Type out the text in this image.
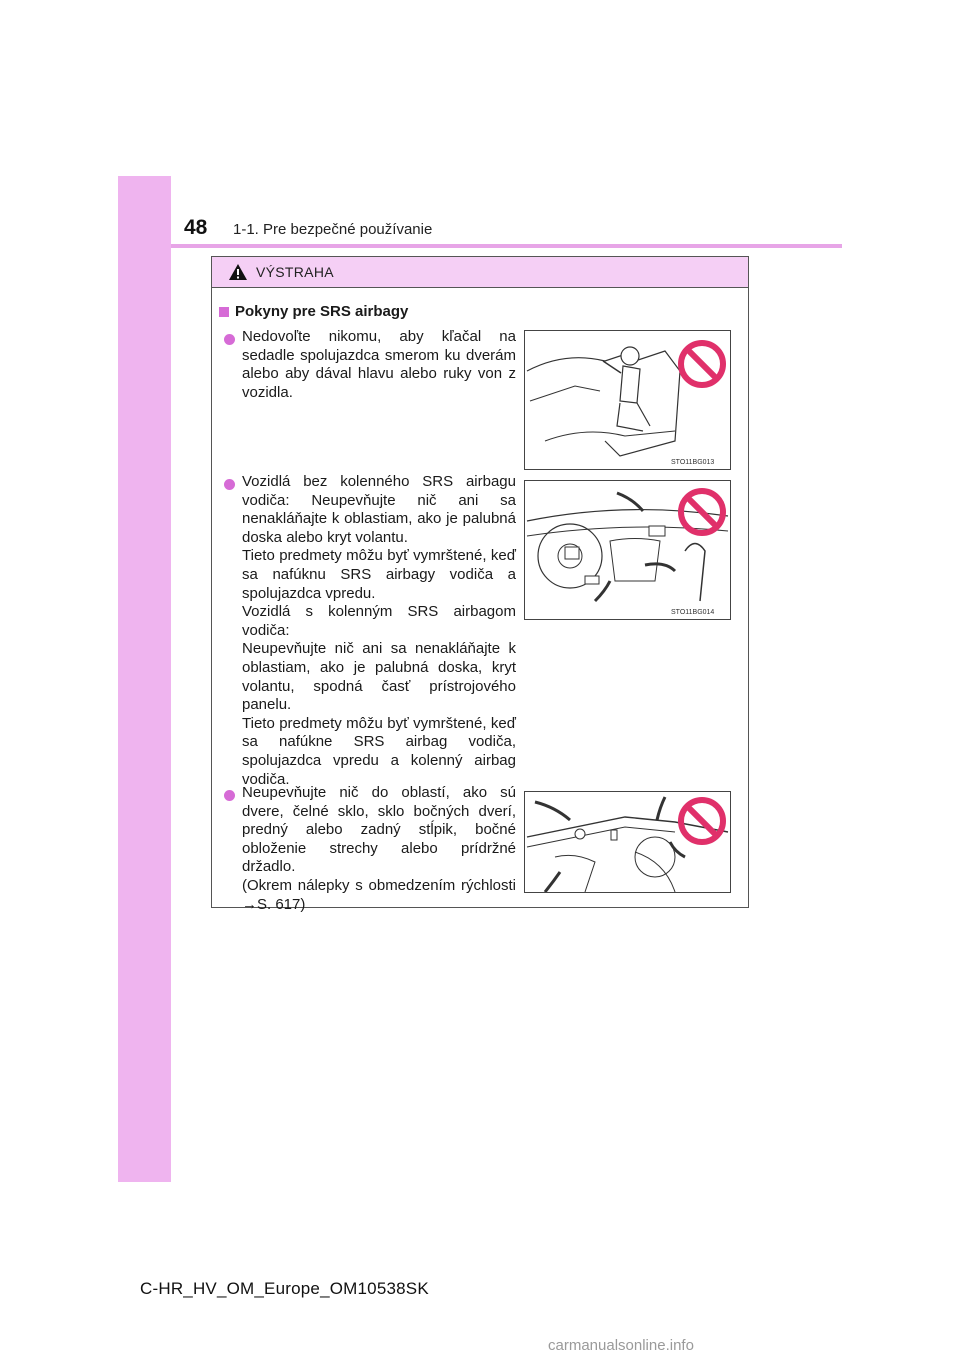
48 1-1. Pre bezpečné používanie
VÝSTRAHA
Pokyny pre SRS airbagy
Nedovoľte nikomu, aby kľačal na sedadle spolujazdca smerom ku dverám alebo aby dával hlavu alebo ruky von z vozidla.
STO11BG013
Vozidlá bez kolenného SRS airbagu vodiča: Neupevňujte nič ani sa nenakláňajte k oblastiam, ako je palubná doska alebo kryt volantu.
Tieto predmety môžu byť vymrštené, keď sa nafúknu SRS airbagy vodiča a spolujazdca vpredu.
Vozidlá s kolenným SRS airbagom vodiča:
Neupevňujte nič ani sa nenakláňajte k oblastiam, ako je palubná doska, kryt volantu, spodná časť prístrojového panelu.
Tieto predmety môžu byť vymrštené, keď sa nafúkne SRS airbag vodiča, spolujazdca vpredu a kolenný airbag vodiča.
STO11BG014
Neupevňujte nič do oblastí, ako sú dvere, čelné sklo, sklo bočných dverí, predný alebo zadný stĺpik, bočné obloženie strechy alebo prídržné držadlo.
(Okrem nálepky s obmedzením rýchlosti →S. 617)
C-HR_HV_OM_Europe_OM10538SK
carmanualsonline.info
